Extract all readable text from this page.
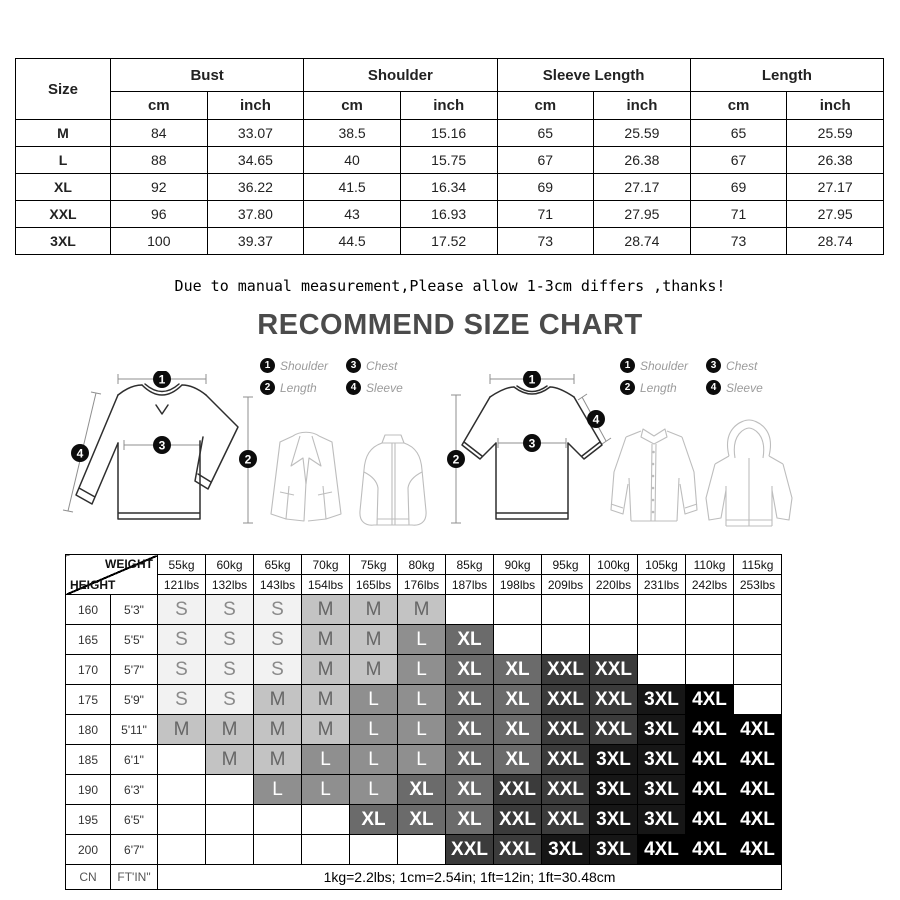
Size	Bust		Shoulder		Sleeve Length		Length	
	cm	inch	cm	inch	cm	inch	cm	inch
M	84	33.07	38.5	15.16	65	25.59	65	25.59
L	88	34.65	40	15.75	67	26.38	67	26.38
XL	92	36.22	41.5	16.34	69	27.17	69	27.17
XXL	96	37.80	43	16.93	71	27.95	71	27.95
3XL	100	39.37	44.5	17.52	73	28.74	73	28.74
Due to manual measurement,Please allow 1-3cm differs ,thanks!
RECOMMEND SIZE CHART
1 Shoulder	3 Chest
2 Length	4 Sleeve
1 Shoulder	3 Chest
2 Length	4 Sleeve
1
3
2
4
1
3
2
4
WEIGHT
HEIGHT		55kg	60kg	65kg	70kg	75kg	80kg	85kg	90kg	95kg	100kg	105kg	110kg	115kg
		121lbs	132lbs	143lbs	154lbs	165lbs	176lbs	187lbs	198lbs	209lbs	220lbs	231lbs	242lbs	253lbs
160	5'3"	S	S	S	M	M	M							
165	5'5"	S	S	S	M	M	L	XL						
170	5'7"	S	S	S	M	M	L	XL	XL	XXL	XXL			
175	5'9"	S	S	M	M	L	L	XL	XL	XXL	XXL	3XL	4XL	
180	5'11"	M	M	M	M	L	L	XL	XL	XXL	XXL	3XL	4XL	4XL
185	6'1"		M	M	L	L	L	XL	XL	XXL	3XL	3XL	4XL	4XL
190	6'3"			L	L	L	XL	XL	XXL	XXL	3XL	3XL	4XL	4XL
195	6'5"					XL	XL	XL	XXL	XXL	3XL	3XL	4XL	4XL
200	6'7"							XXL	XXL	3XL	3XL	4XL	4XL	4XL
CN	FT'IN"	1kg=2.2lbs; 1cm=2.54in; 1ft=12in; 1ft=30.48cm												
